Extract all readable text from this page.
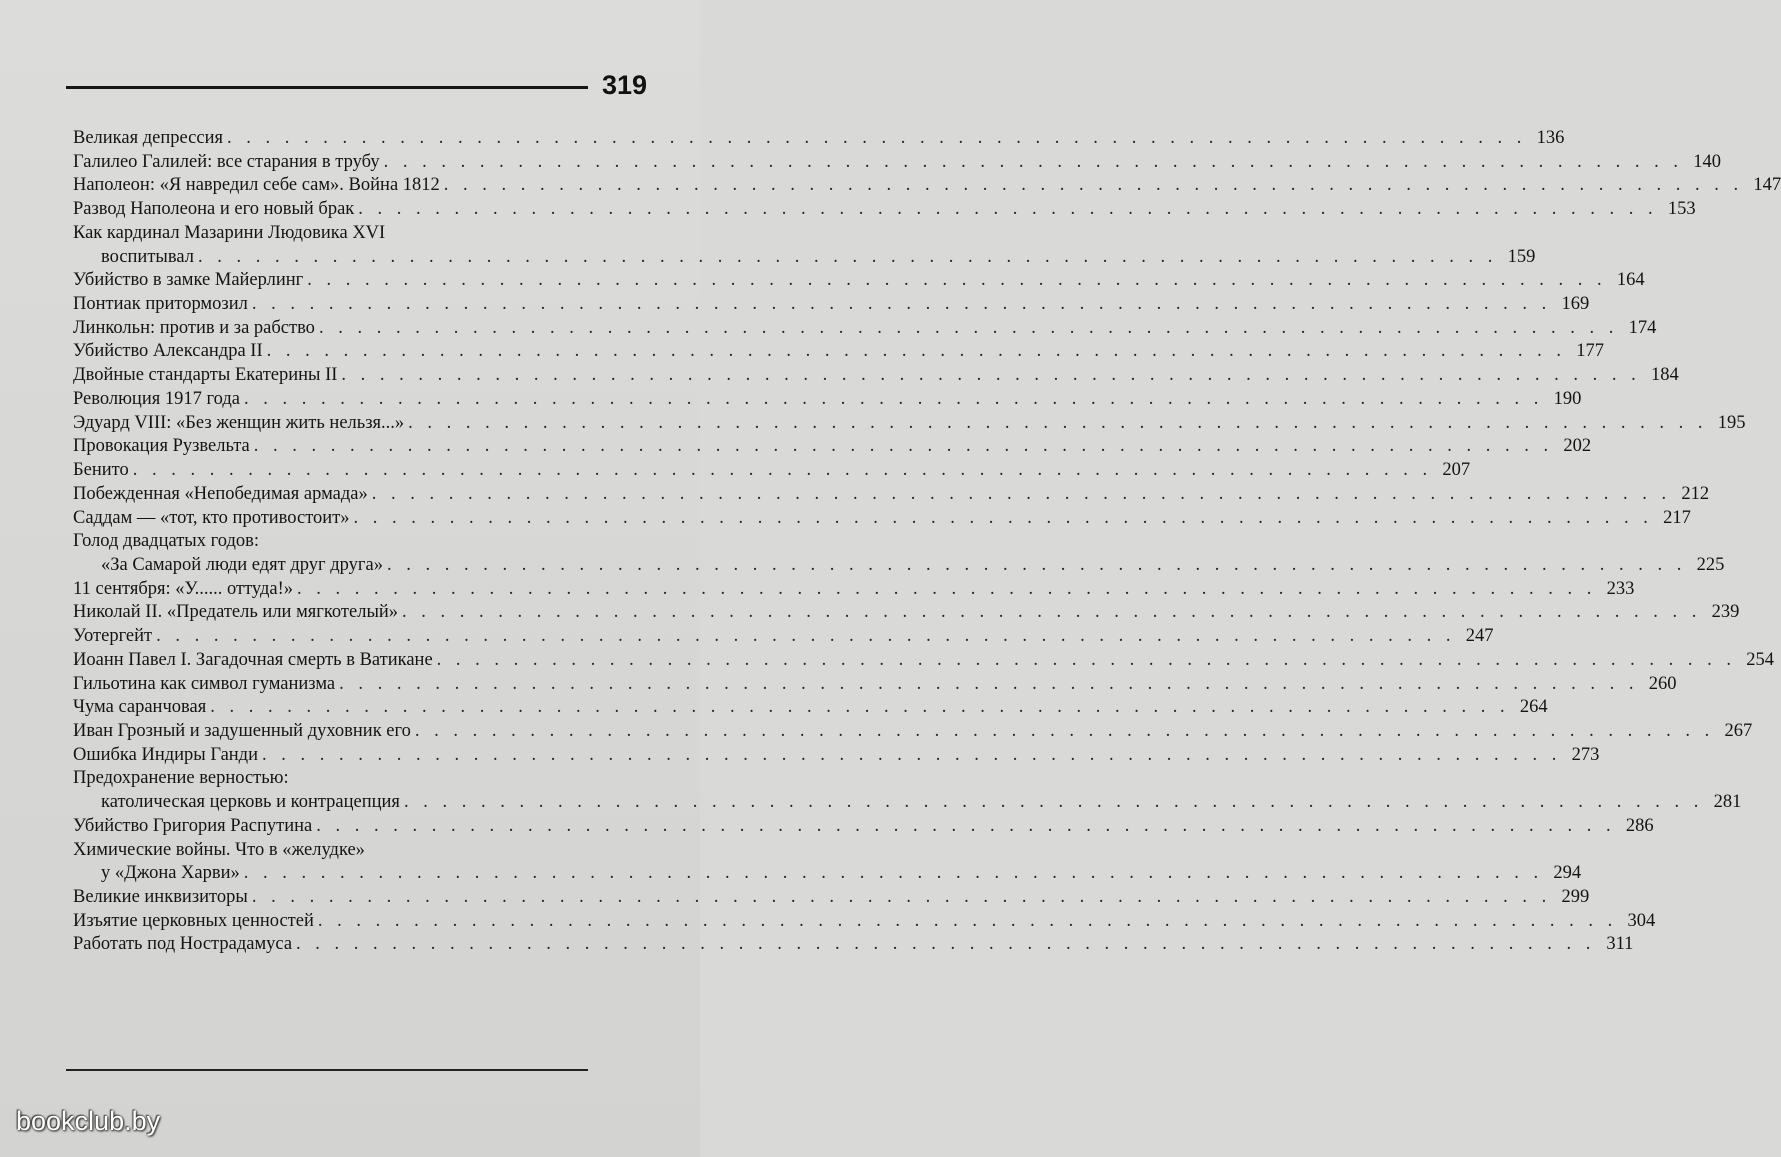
319
Великая депрессия . . .	136
Галилео Галилей: все старания в трубу . . .	140
Наполеон: «Я навредил себе сам». Война 1812 . . .	147
Развод Наполеона и его новый брак . . .	153
Как кардинал Мазарини Людовика XVI
воспитывал . . .	159
Убийство в замке Майерлинг . . .	164
Понтиак притормозил . . .	169
Линкольн: против и за рабство . . .	174
Убийство Александра II . . .	177
Двойные стандарты Екатерины II . . .	184
Революция 1917 года . . .	190
Эдуард VIII: «Без женщин жить нельзя...» . . .	195
Провокация Рузвельта . . .	202
Бенито . . .	207
Побежденная «Непобедимая армада» . . .	212
Саддам — «тот, кто противостоит» . . .	217
Голод двадцатых годов:
«За Самарой люди едят друг друга» . . .	225
11 сентября: «У...... оттуда!» . . .	233
Николай II. «Предатель или мягкотелый» . . .	239
Уотергейт . . .	247
Иоанн Павел I. Загадочная смерть в Ватикане . . .	254
Гильотина как символ гуманизма . . .	260
Чума саранчовая . . .	264
Иван Грозный и задушенный духовник его . . .	267
Ошибка Индиры Ганди . . .	273
Предохранение верностью:
католическая церковь и контрацепция . . .	281
Убийство Григория Распутина . . .	286
Химические войны. Что в «желудке»
у «Джона Харви» . . .	294
Великие инквизиторы . . .	299
Изъятие церковных ценностей . . .	304
Работать под Нострадамуса . . .	311
bookclub.by
